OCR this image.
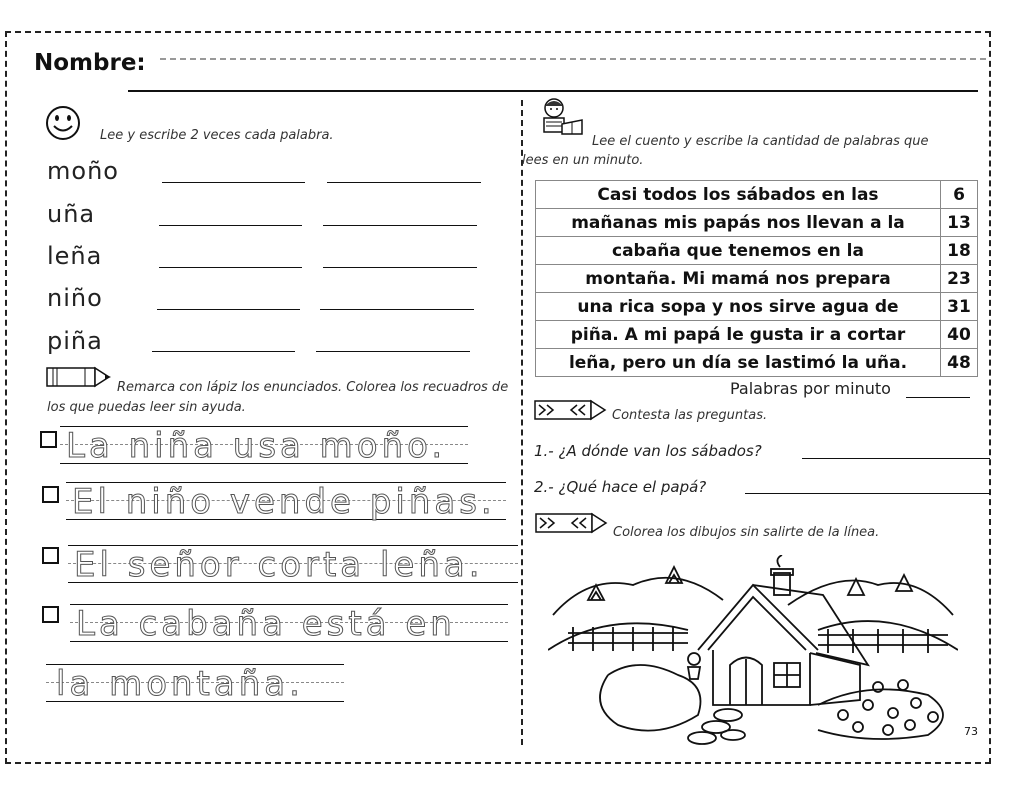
Nombre:
Lee y escribe 2 veces cada palabra.
moño
uña
leña
niño
piña
Remarca con lápiz los enunciados. Colorea los recuadros de los que puedas leer sin ayuda.
La niña usa moño.
El niño vende piñas.
El señor corta leña.
La cabaña está en
la montaña.
Lee el cuento y escribe la cantidad de palabras que lees en un minuto.
Casi todos los sábados en las	6
mañanas mis papás nos llevan a la	13
cabaña que tenemos en la	18
montaña. Mi mamá nos prepara	23
una rica sopa y nos sirve agua de	31
piña. A mi papá le gusta ir a cortar	40
leña, pero un día se lastimó la uña.	48
Palabras por minuto
Contesta las preguntas.
1.- ¿A dónde van los sábados?
2.- ¿Qué hace el papá?
Colorea los dibujos sin salirte de la línea.
73
